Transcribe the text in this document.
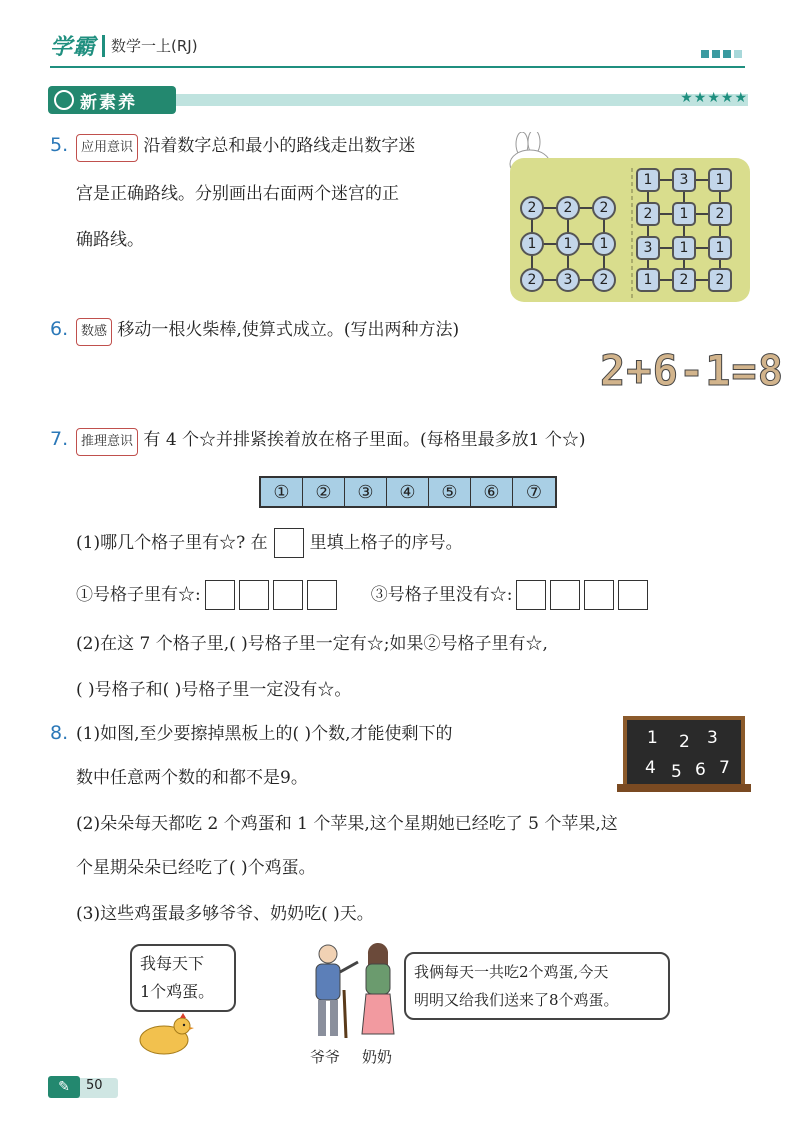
学霸 数学一上(RJ)
新素养	★★★★★
5. 应用意识 沿着数字总和最小的路线走出数字迷
宫是正确路线。分别画出右面两个迷宫的正
确路线。
2	2	2
1	1	1
2	3	2
1	3	1
2	1	2
3	1	1
1	2	2
6. 数感 移动一根火柴棒,使算式成立。(写出两种方法)
2+6-1=8
7. 推理意识 有 4 个☆并排紧挨着放在格子里面。(每格里最多放1 个☆)
①	②	③	④	⑤	⑥	⑦
(1)哪几个格子里有☆? 在 里填上格子的序号。
①号格子里有☆:	③号格子里没有☆:
(2)在这 7 个格子里,( )号格子里一定有☆;如果②号格子里有☆,
( )号格子和( )号格子里一定没有☆。
8. (1)如图,至少要擦掉黑板上的( )个数,才能使剩下的
数中任意两个数的和都不是9。
1 2 3
4 5 6 7
(2)朵朵每天都吃 2 个鸡蛋和 1 个苹果,这个星期她已经吃了 5 个苹果,这
个星期朵朵已经吃了( )个鸡蛋。
(3)这些鸡蛋最多够爷爷、奶奶吃( )天。
我每天下
1个鸡蛋。
爷爷 奶奶
我俩每天一共吃2个鸡蛋,今天
明明又给我们送来了8个鸡蛋。
✎	50
